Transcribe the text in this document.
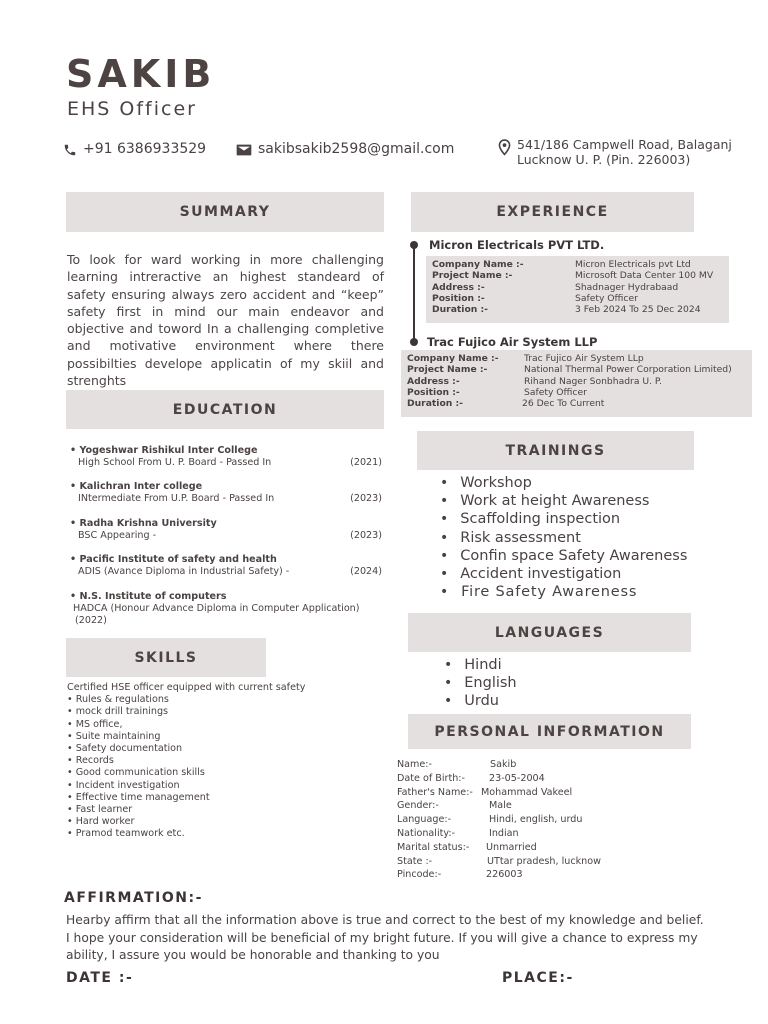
SAKIB
EHS Officer
+91 6386933529	sakibsakib2598@gmail.com	541/186 Campwell Road, Balaganj
Lucknow U. P. (Pin. 226003)
SUMMARY
To look for ward working in more challenging learning intreractive an highest standeard of safety ensuring always zero accident and “keep” safety first in mind our main endeavor and objective and toword In a challenging completive and motivative environment where there possibilties develope applicatin of my skiil and strenghts
EDUCATION
• Yogeshwar Rishikul Inter College
High School From U. P. Board - Passed In	(2021)
• Kalichran Inter college
INtermediate From U.P. Board - Passed In	(2023)
• Radha Krishna University
BSC Appearing -	(2023)
• Pacific Institute of safety and health
ADIS (Avance Diploma in Industrial Safety) -	(2024)
• N.S. Institute of computers
HADCA (Honour Advance Diploma in Computer Application)
(2022)
SKILLS
Certified HSE officer equipped with current safety
• Rules & regulations
• mock drill trainings
• MS office,
• Suite maintaining
• Safety documentation
• Records
• Good communication skills
• Incident investigation
• Effective time management
• Fast learner
• Hard worker
• Pramod teamwork etc.
EXPERIENCE
Micron Electricals PVT LTD.
Company Name :-	Micron Electricals pvt Ltd
Project Name :-	Microsoft Data Center 100 MV
Address :-	Shadnager Hydrabaad
Position :-	Safety Officer
Duration :-	3 Feb 2024 To 25 Dec 2024
Trac Fujico Air System LLP
Company Name :-	Trac Fujico Air System LLp
Project Name :-	National Thermal Power Corporation Limited)
Address :-	Rihand Nager Sonbhadra U. P.
Position :-	Safety Officer
Duration :-	26 Dec To Current
TRAININGS
• Workshop
• Work at height Awareness
• Scaffolding inspection
• Risk assessment
• Confin space Safety Awareness
• Accident investigation
• Fire Safety Awareness
LANGUAGES
• Hindi
• English
• Urdu
PERSONAL INFORMATION
Name:-	Sakib
Date of Birth:-	23-05-2004
Father's Name:- Mohammad Vakeel
Gender:-	Male
Language:-	Hindi, english, urdu
Nationality:-	Indian
Marital status:-	Unmarried
State :-	UTtar pradesh, lucknow
Pincode:-	226003
AFFIRMATION:-
Hearby affirm that all the information above is true and correct to the best of my knowledge and belief.
I hope your consideration will be beneficial of my bright future. If you will give a chance to express my ability, I assure you would be honorable and thanking to you
DATE :-	PLACE:-
